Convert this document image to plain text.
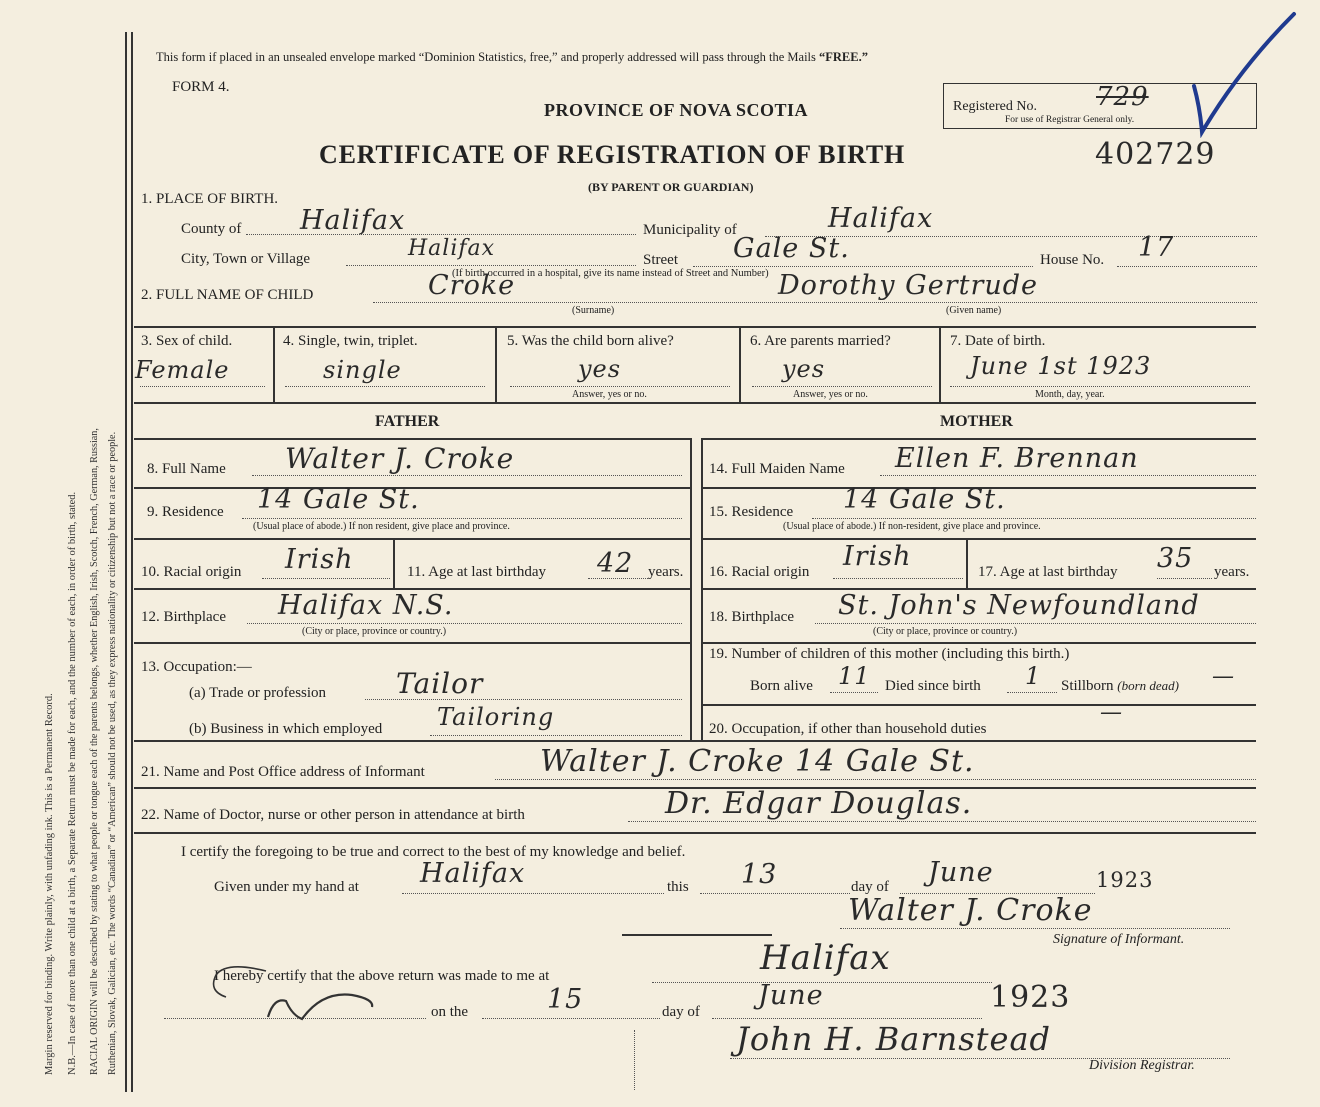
Margin reserved for binding. Write plainly, with unfading ink. This is a Permanent Record. N.B.—In case of more than one child at a birth, a Separate Return must be made for each, and the number of each, in order of birth, stated. RACIAL ORIGIN will be described by stating to what people or tongue each of the parents belongs, whether English, Irish, Scotch, French, German, Russian, Ruthenian, Slovak, Galician, etc. The words “Canadian” or “American” should not be used, as they express nationality or citizenship but not a race or people.
This form if placed in an unsealed envelope marked “Dominion Statistics, free,” and properly addressed will pass through the Mails “FREE.”
FORM 4.
PROVINCE OF NOVA SCOTIA
CERTIFICATE OF REGISTRATION OF BIRTH	402729
(BY PARENT OR GUARDIAN)
Registered No. 729
For use of Registrar General only.
1. PLACE OF BIRTH.
County of Halifax	Municipality of	Halifax
City, Town or Village	Halifax	Street Gale St.	House No. 17
(If birth occurred in a hospital, give its name instead of Street and Number)
2. FULL NAME OF CHILD	Croke	Dorothy Gertrude
(Surname)	(Given name)
3. Sex of child.
Female
4. Single, twin, triplet.
single
5. Was the child born alive?
yes
Answer, yes or no.
6. Are parents married?
yes
Answer, yes or no.
7. Date of birth.
June 1st 1923
Month, day, year.
FATHER	MOTHER
8. Full Name Walter J. Croke
9. Residence 14 Gale St.
(Usual place of abode.) If non resident, give place and province.
10. Racial origin Irish	11. Age at last birthday 42 years.
12. Birthplace Halifax N.S.
(City or place, province or country.)
13. Occupation:—
(a) Trade or profession Tailor
(b) Business in which employed Tailoring
14. Full Maiden Name Ellen F. Brennan
15. Residence 14 Gale St.
(Usual place of abode.) If non-resident, give place and province.
16. Racial origin Irish	17. Age at last birthday 35 years.
18. Birthplace St. John's Newfoundland
(City or place, province or country.)
19. Number of children of this mother (including this birth.)
Born alive 11 Died since birth 1 Stillborn (born dead) —
20. Occupation, if other than household duties
—
21. Name and Post Office address of Informant	Walter J. Croke 14 Gale St.
22. Name of Doctor, nurse or other person in attendance at birth	Dr. Edgar Douglas.
I certify the foregoing to be true and correct to the best of my knowledge and belief.
Given under my hand at Halifax	this 13	day of June	1923
Walter J. Croke
Signature of Informant.
I hereby certify that the above return was made to me at	Halifax
on the	15	day of
June	1923
John H. Barnstead
Division Registrar.
